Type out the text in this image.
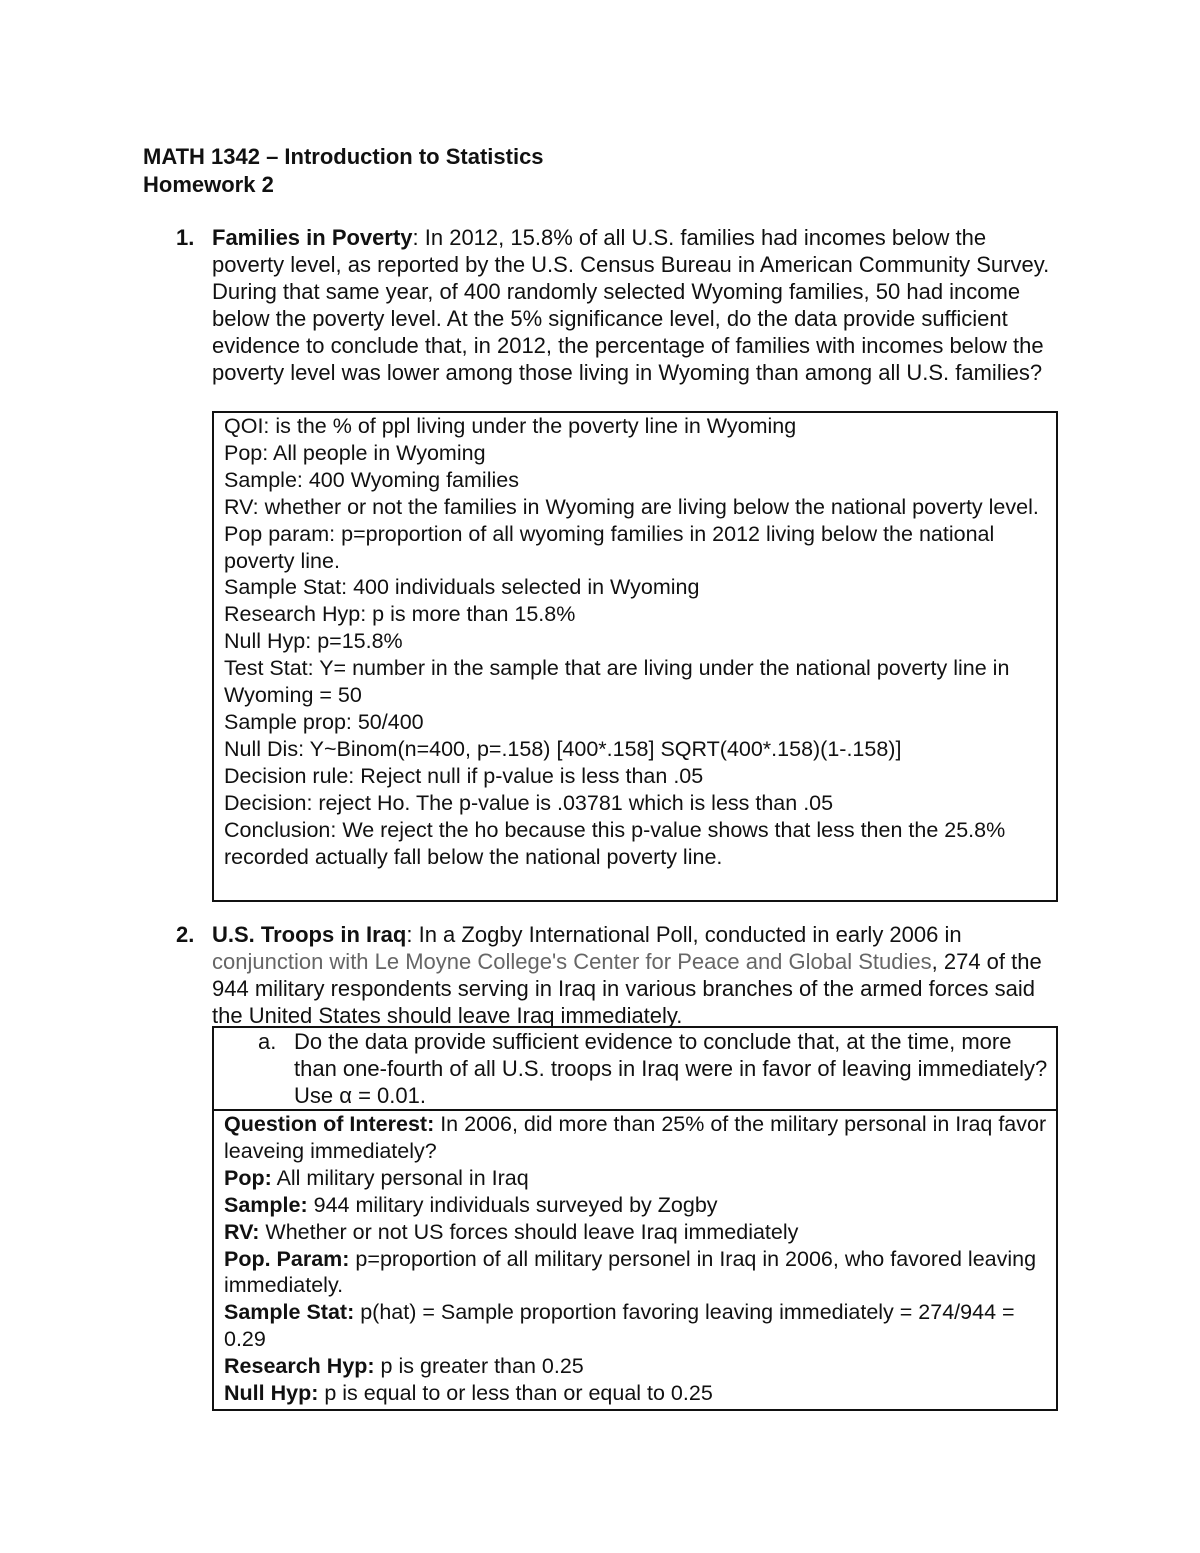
MATH 1342 – Introduction to Statistics
Homework 2
1. Families in Poverty: In 2012, 15.8% of all U.S. families had incomes below the poverty level, as reported by the U.S. Census Bureau in American Community Survey. During that same year, of 400 randomly selected Wyoming families, 50 had income below the poverty level. At the 5% significance level, do the data provide sufficient evidence to conclude that, in 2012, the percentage of families with incomes below the poverty level was lower among those living in Wyoming than among all U.S. families?
QOI: is the % of ppl living under the poverty line in Wyoming
Pop: All people in Wyoming
Sample: 400 Wyoming families
RV: whether or not the families in Wyoming are living below the national poverty level.
Pop param: p=proportion of all wyoming families in 2012 living below the national poverty line.
Sample Stat: 400 individuals selected in Wyoming
Research Hyp: p is more than 15.8%
Null Hyp: p=15.8%
Test Stat: Y= number in the sample that are living under the national poverty line in Wyoming = 50
Sample prop: 50/400
Null Dis: Y~Binom(n=400, p=.158) [400*.158] SQRT(400*.158)(1-.158)]
Decision rule: Reject null if p-value is less than .05
Decision: reject Ho. The p-value is .03781 which is less than .05
Conclusion: We reject the ho because this p-value shows that less then the 25.8% recorded actually fall below the national poverty line.
2. U.S. Troops in Iraq: In a Zogby International Poll, conducted in early 2006 in conjunction with Le Moyne College's Center for Peace and Global Studies, 274 of the 944 military respondents serving in Iraq in various branches of the armed forces said the United States should leave Iraq immediately.
a. Do the data provide sufficient evidence to conclude that, at the time, more than one-fourth of all U.S. troops in Iraq were in favor of leaving immediately? Use α = 0.01.
Question of Interest: In 2006, did more than 25% of the military personal in Iraq favor leaveing immediately?
Pop: All military personal in Iraq
Sample: 944 military individuals surveyed by Zogby
RV: Whether or not US forces should leave Iraq immediately
Pop. Param: p=proportion of all military personel in Iraq in 2006, who favored leaving immediately.
Sample Stat: p(hat) = Sample proportion favoring leaving immediately = 274/944 = 0.29
Research Hyp: p is greater than 0.25
Null Hyp: p is equal to or less than or equal to 0.25
